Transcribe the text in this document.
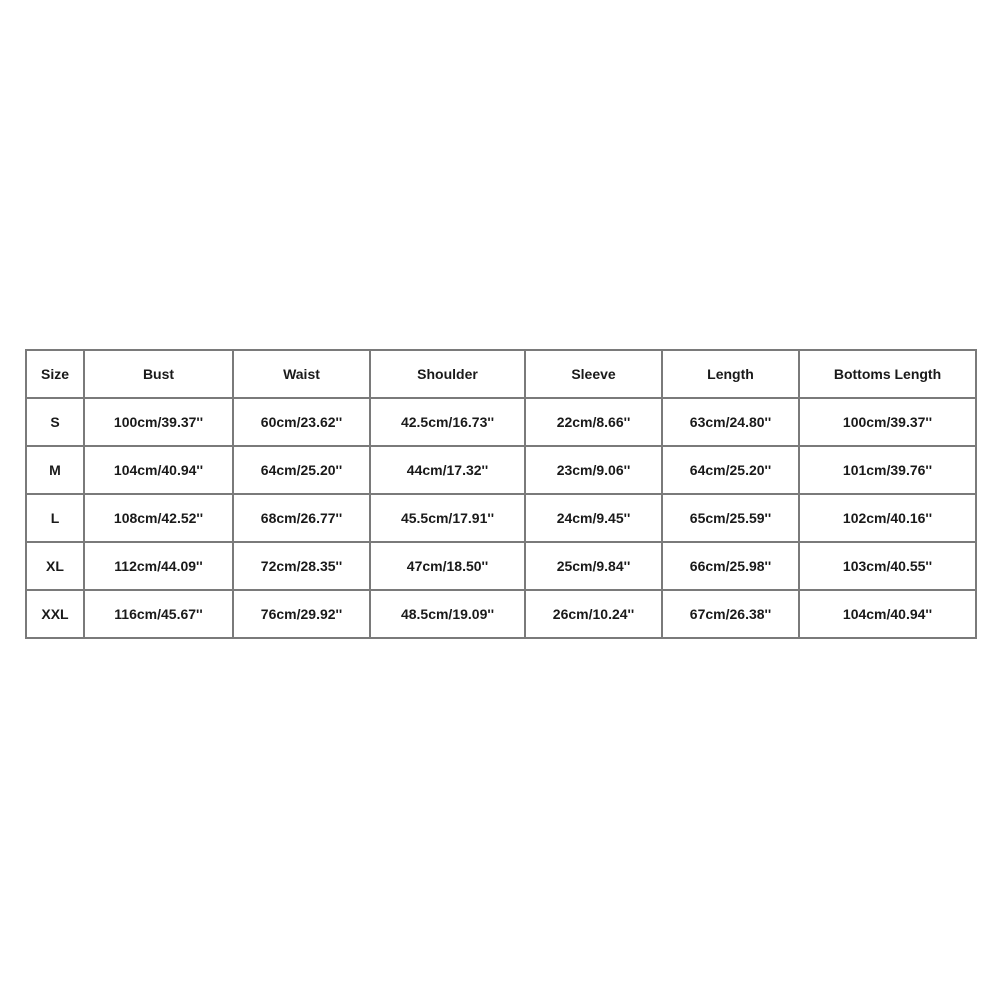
Size	Bust	Waist	Shoulder	Sleeve	Length	Bottoms Length
S	100cm/39.37''	60cm/23.62''	42.5cm/16.73''	22cm/8.66''	63cm/24.80''	100cm/39.37''
M	104cm/40.94''	64cm/25.20''	44cm/17.32''	23cm/9.06''	64cm/25.20''	101cm/39.76''
L	108cm/42.52''	68cm/26.77''	45.5cm/17.91''	24cm/9.45''	65cm/25.59''	102cm/40.16''
XL	112cm/44.09''	72cm/28.35''	47cm/18.50''	25cm/9.84''	66cm/25.98''	103cm/40.55''
XXL	116cm/45.67''	76cm/29.92''	48.5cm/19.09''	26cm/10.24''	67cm/26.38''	104cm/40.94''
